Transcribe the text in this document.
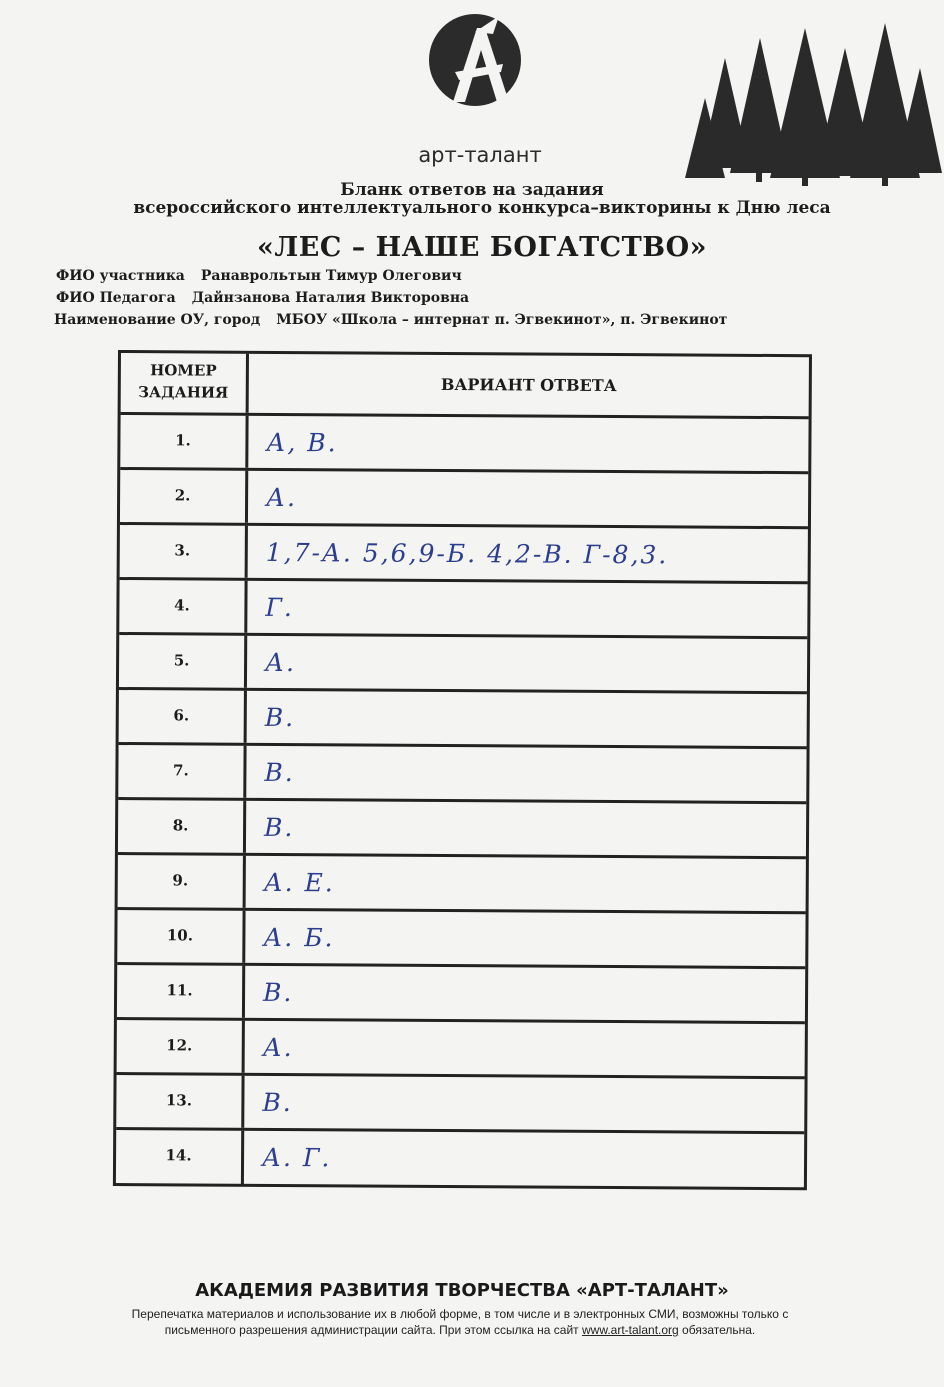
арт-талант
Бланк ответов на задания
всероссийского интеллектуального конкурса–викторины к Дню леса
«ЛЕС – НАШЕ БОГАТСТВО»
ФИО участника Ранаврольтын Тимур Олегович
ФИО Педагога Дайнзанова Наталия Викторовна
Наименование ОУ, город МБОУ «Школа – интернат п. Эгвекинот», п. Эгвекинот
НОМЕР
ЗАДАНИЯ	ВАРИАНТ ОТВЕТА
1.	А, В.
2.	А.
3.	1,7-А. 5,6,9-Б. 4,2-В. Г-8,3.
4.	Г.
5.	А.
6.	В.
7.	В.
8.	В.
9.	А. Е.
10.	А. Б.
11.	В.
12.	А.
13.	В.
14.	А. Г.
АКАДЕМИЯ РАЗВИТИЯ ТВОРЧЕСТВА «АРТ-ТАЛАНТ»
Перепечатка материалов и использование их в любой форме, в том числе и в электронных СМИ, возможны только с
письменного разрешения администрации сайта. При этом ссылка на сайт www.art-talant.org обязательна.
